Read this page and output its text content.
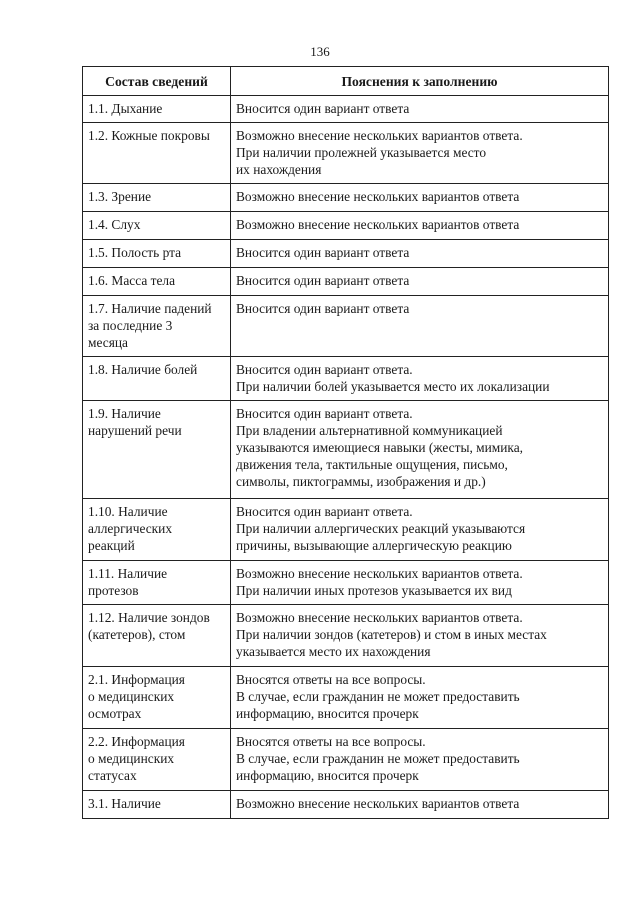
136
Состав сведений	Пояснения к заполнению

1.1. Дыхание	Вносится один вариант ответа

1.2. Кожные покровы	Возможно внесение нескольких вариантов ответа.
При наличии пролежней указывается место
их нахождения

1.3. Зрение	Возможно внесение нескольких вариантов ответа

1.4. Слух	Возможно внесение нескольких вариантов ответа

1.5. Полость рта	Вносится один вариант ответа

1.6. Масса тела	Вносится один вариант ответа

1.7. Наличие падений
за последние 3
месяца	Вносится один вариант ответа

1.8. Наличие болей	Вносится один вариант ответа.
При наличии болей указывается место их локализации

1.9. Наличие
нарушений речи	Вносится один вариант ответа.
При владении альтернативной коммуникацией
указываются имеющиеся навыки (жесты, мимика,
движения тела, тактильные ощущения, письмо,
символы, пиктограммы, изображения и др.)

1.10. Наличие
аллергических
реакций	Вносится один вариант ответа.
При наличии аллергических реакций указываются
причины, вызывающие аллергическую реакцию

1.11. Наличие
протезов	Возможно внесение нескольких вариантов ответа.
При наличии иных протезов указывается их вид

1.12. Наличие зондов
(катетеров), стом	Возможно внесение нескольких вариантов ответа.
При наличии зондов (катетеров) и стом в иных местах
указывается место их нахождения

2.1. Информация
о медицинских
осмотрах	Вносятся ответы на все вопросы.
В случае, если гражданин не может предоставить
информацию, вносится прочерк

2.2. Информация
о медицинских
статусах	Вносятся ответы на все вопросы.
В случае, если гражданин не может предоставить
информацию, вносится прочерк

3.1. Наличие	Возможно внесение нескольких вариантов ответа
